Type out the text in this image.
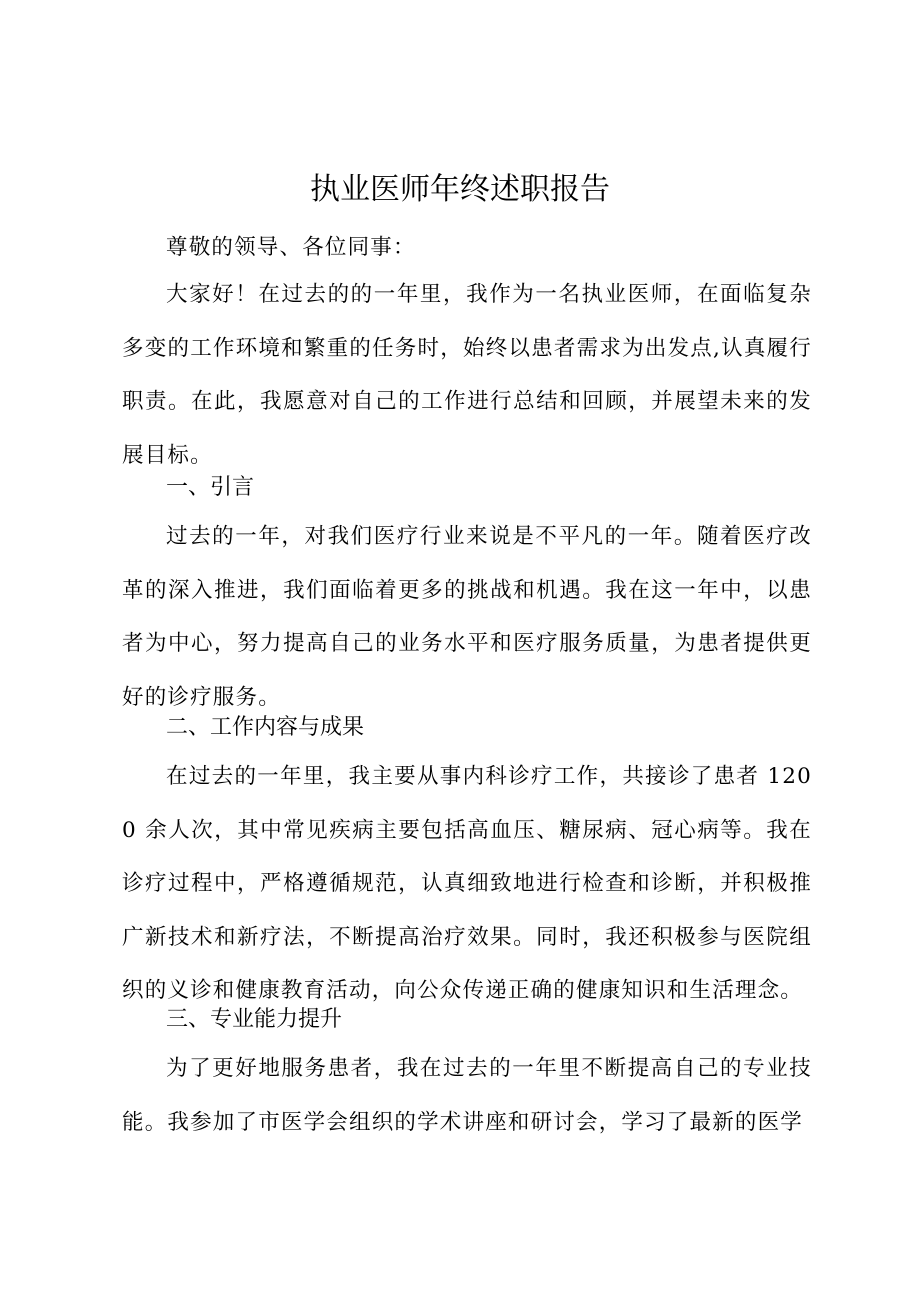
执业医师年终述职报告

尊敬的领导、各位同事：

大家好！在过去的的一年里，我作为一名执业医师，在面临复杂多变的工作环境和繁重的任务时，始终以患者需求为出发点,认真履行职责。在此，我愿意对自己的工作进行总结和回顾，并展望未来的发展目标。

一、引言

过去的一年，对我们医疗行业来说是不平凡的一年。随着医疗改革的深入推进，我们面临着更多的挑战和机遇。我在这一年中，以患者为中心，努力提高自己的业务水平和医疗服务质量，为患者提供更好的诊疗服务。

二、工作内容与成果

在过去的一年里，我主要从事内科诊疗工作，共接诊了患者 1200 余人次，其中常见疾病主要包括高血压、糖尿病、冠心病等。我在诊疗过程中，严格遵循规范，认真细致地进行检查和诊断，并积极推广新技术和新疗法，不断提高治疗效果。同时，我还积极参与医院组织的义诊和健康教育活动，向公众传递正确的健康知识和生活理念。

三、专业能力提升

为了更好地服务患者，我在过去的一年里不断提高自己的专业技能。我参加了市医学会组织的学术讲座和研讨会，学习了最新的医学
